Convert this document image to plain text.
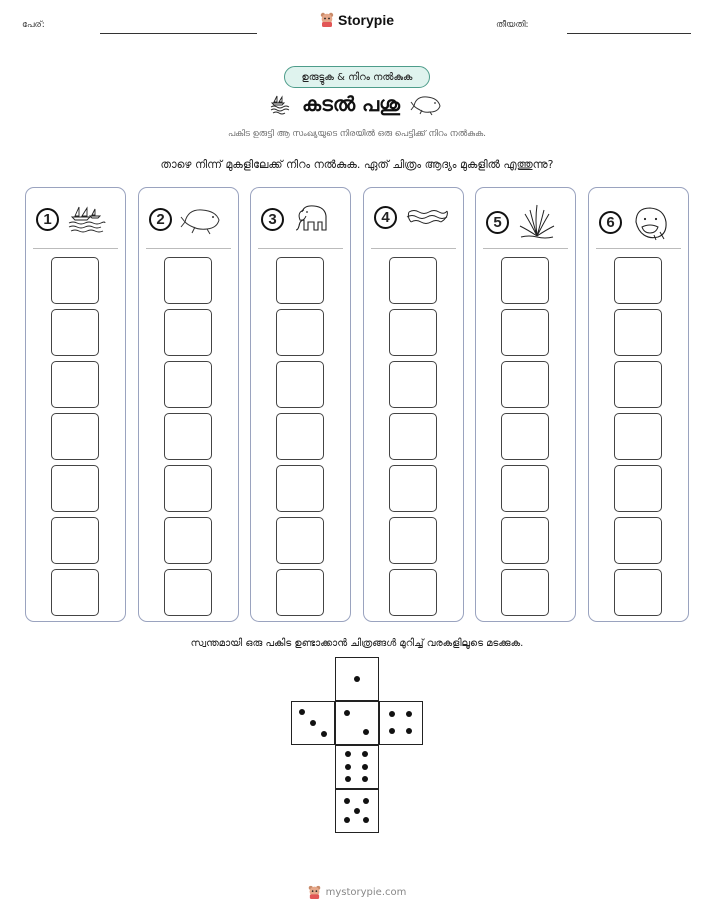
പേര്:	Storypie	തീയതി:
ഉരുട്ടുക & നിറം നൽകുക
കടൽ പശു
പകിട ഉരുട്ടി ആ സംഖ്യയുടെ നിരയിൽ ഒരു പെട്ടിക്ക് നിറം നൽകുക.
താഴെ നിന്ന് മുകളിലേക്ക് നിറം നൽകുക. ഏത് ചിത്രം ആദ്യം മുകളിൽ എത്തുന്നു?
1	2	3	4	5	6
സ്വന്തമായി ഒരു പകിട ഉണ്ടാക്കാൻ ചിത്രങ്ങൾ മുറിച്ച് വരകളിലൂടെ മടക്കുക.
mystorypie.com
